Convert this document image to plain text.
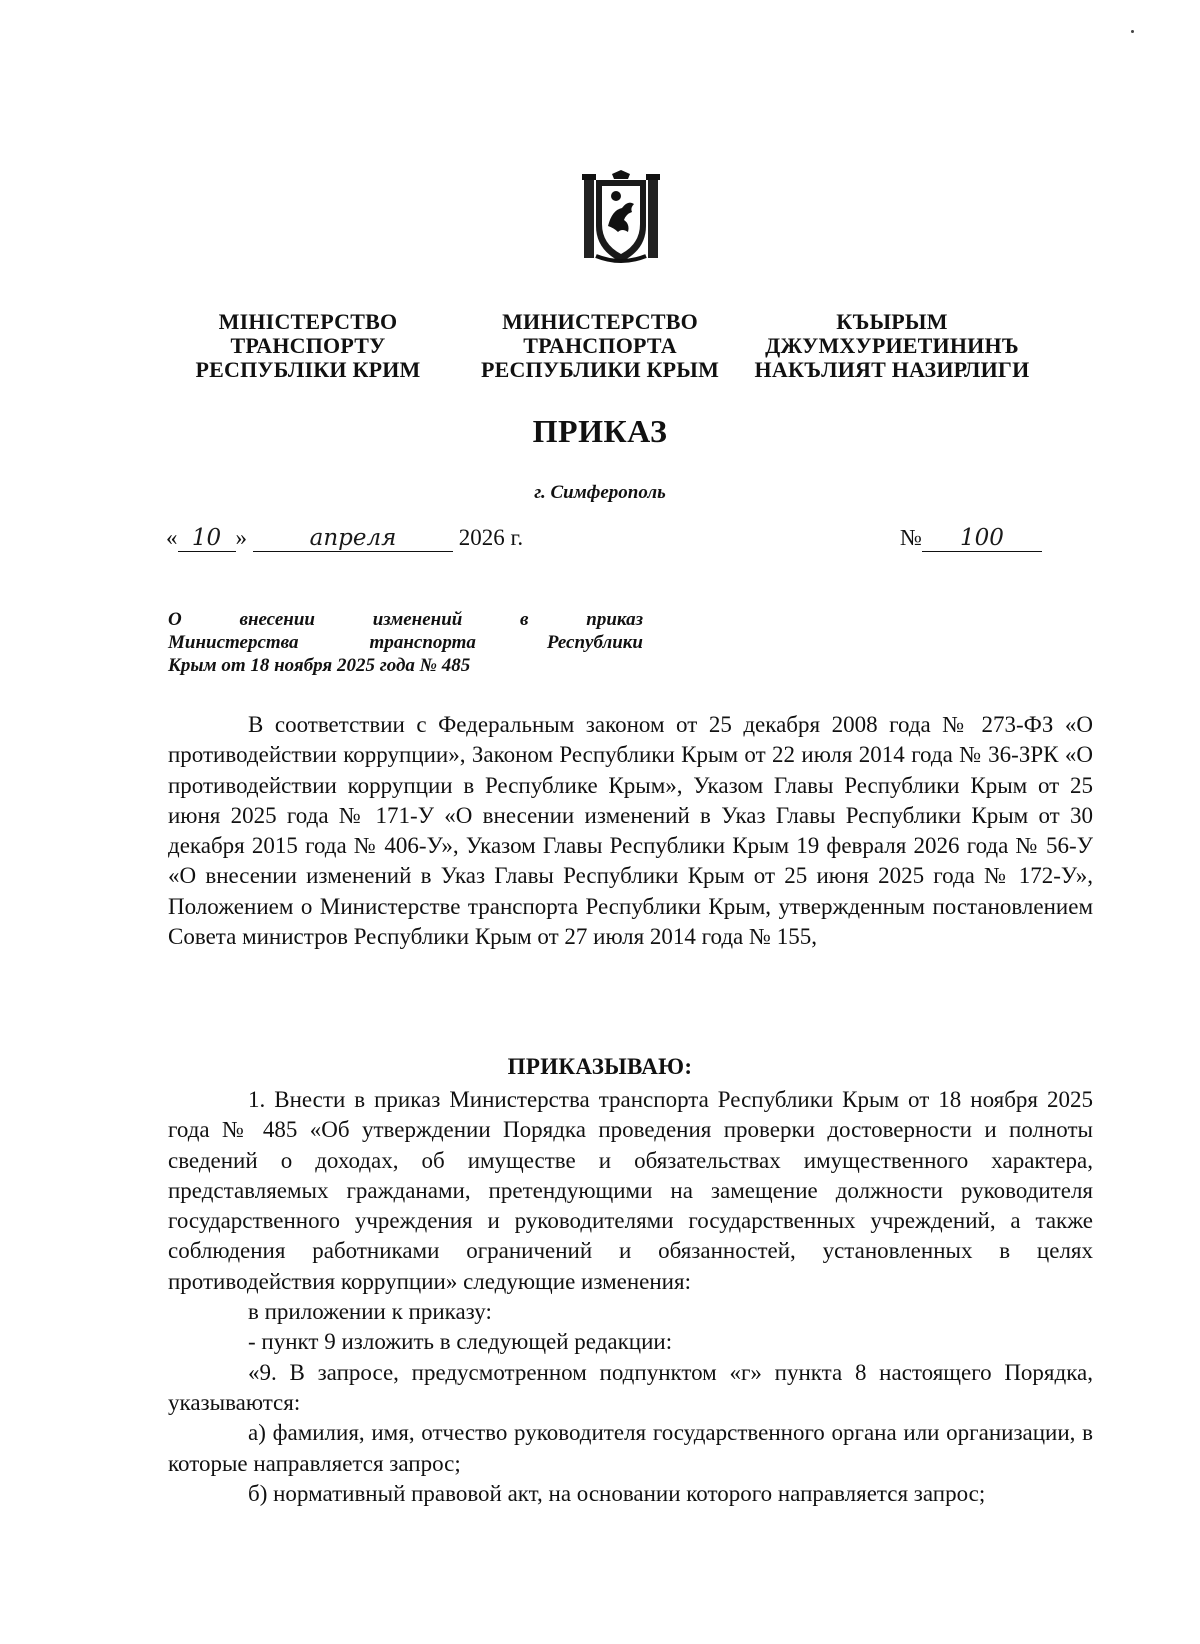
МІНІСТЕРСТВО
ТРАНСПОРТУ
РЕСПУБЛІКИ КРИМ
МИНИСТЕРСТВО
ТРАНСПОРТА
РЕСПУБЛИКИ КРЫМ
КЪЫРЫМ
ДЖУМХУРИЕТИНИНЪ
НАКЪЛИЯТ НАЗИРЛИГИ
ПРИКАЗ
г. Симферополь
« 10 »	апреля	2026 г.	№ 100
О внесении изменений в приказ
Министерства транспорта Республики
Крым от 18 ноября 2025 года № 485

В соответствии с Федеральным законом от 25 декабря 2008 года № 273-ФЗ «О противодействии коррупции», Законом Республики Крым от 22 июля 2014 года № 36-ЗРК «О противодействии коррупции в Республике Крым», Указом Главы Республики Крым от 25 июня 2025 года № 171-У «О внесении изменений в Указ Главы Республики Крым от 30 декабря 2015 года № 406-У», Указом Главы Республики Крым 19 февраля 2026 года № 56-У «О внесении изменений в Указ Главы Республики Крым от 25 июня 2025 года № 172-У», Положением о Министерстве транспорта Республики Крым, утвержденным постановлением Совета министров Республики Крым от 27 июля 2014 года № 155,

ПРИКАЗЫВАЮ:

1. Внести в приказ Министерства транспорта Республики Крым от 18 ноября 2025 года № 485 «Об утверждении Порядка проведения проверки достоверности и полноты сведений о доходах, об имуществе и обязательствах имущественного характера, представляемых гражданами, претендующими на замещение должности руководителя государственного учреждения и руководителями государственных учреждений, а также соблюдения работниками ограничений и обязанностей, установленных в целях противодействия коррупции» следующие изменения:

в приложении к приказу:

- пункт 9 изложить в следующей редакции:

«9. В запросе, предусмотренном подпунктом «г» пункта 8 настоящего Порядка, указываются:

а) фамилия, имя, отчество руководителя государственного органа или организации, в которые направляется запрос;

б) нормативный правовой акт, на основании которого направляется запрос;
